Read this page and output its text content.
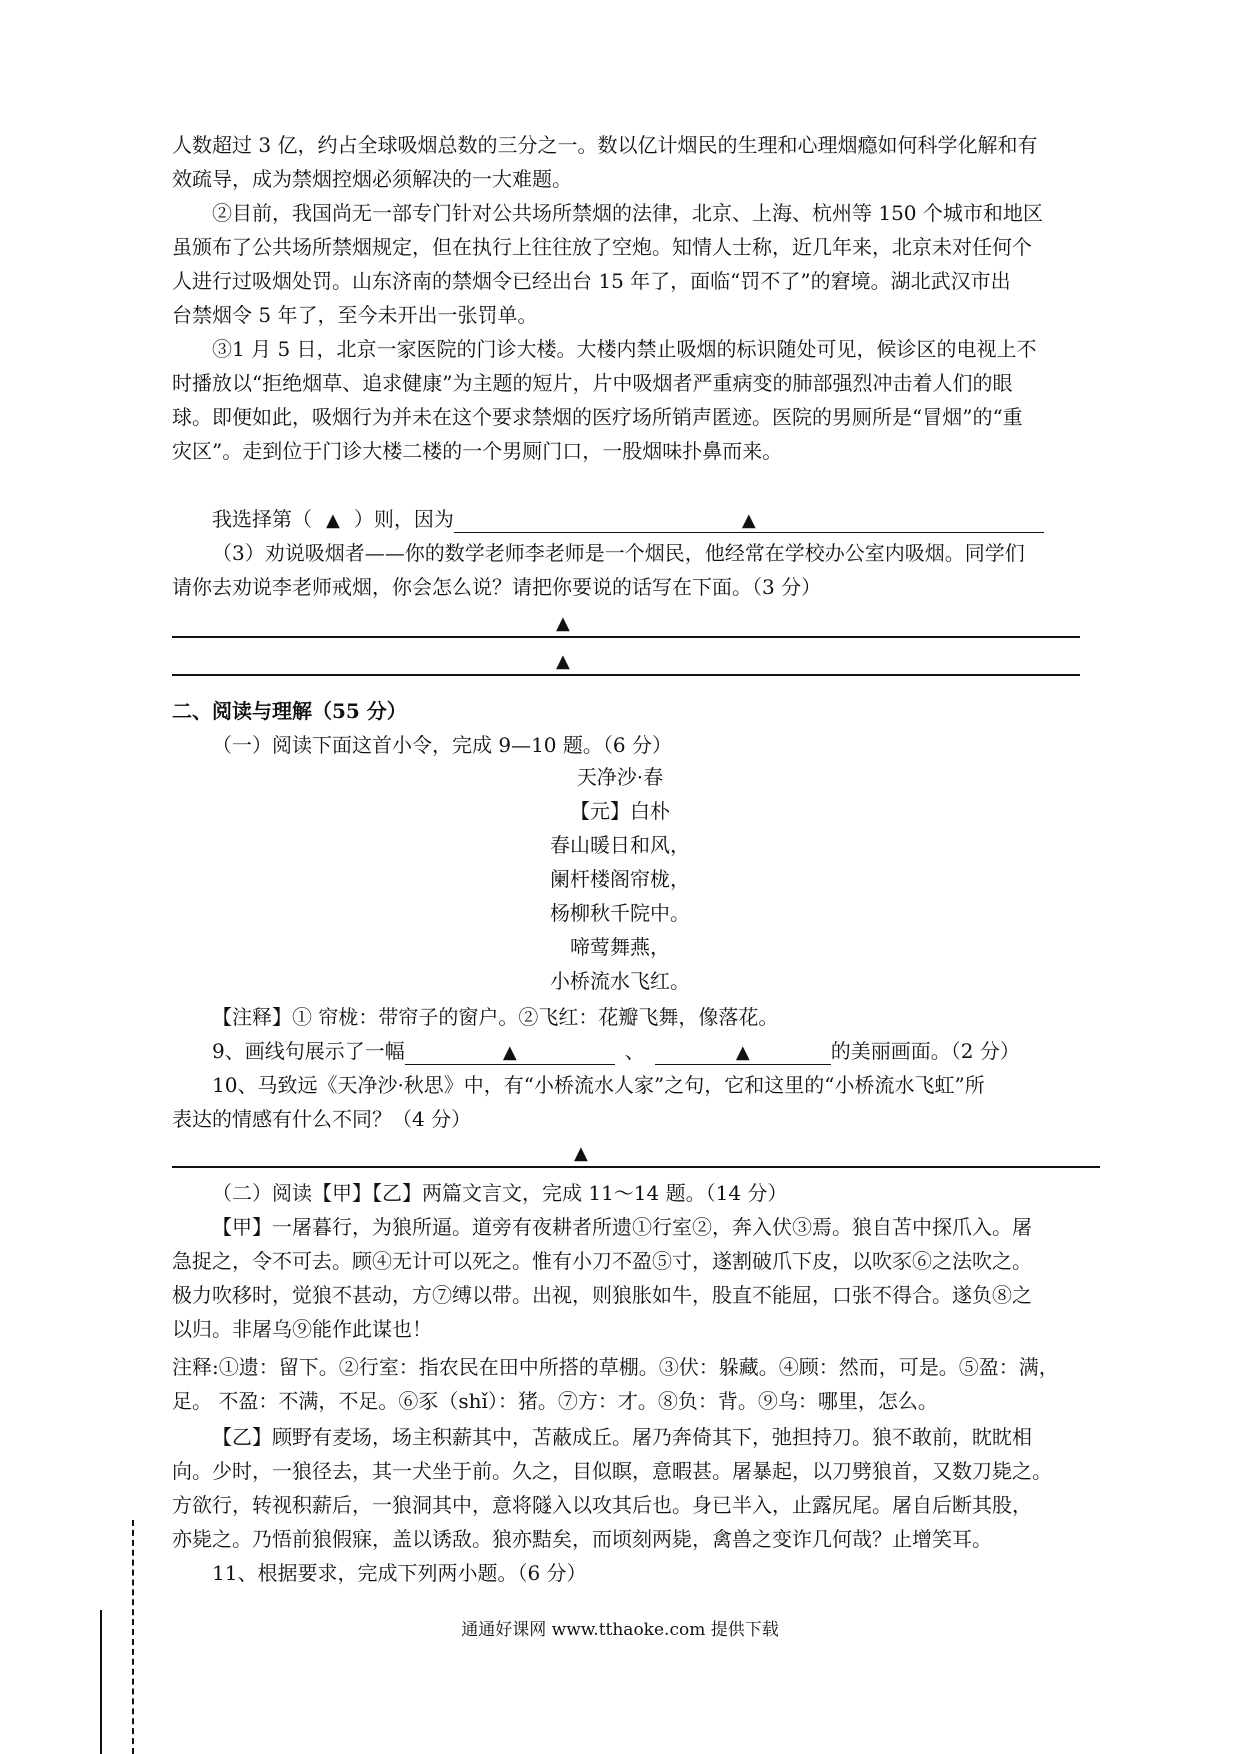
人数超过 3 亿，约占全球吸烟总数的三分之一。数以亿计烟民的生理和心理烟瘾如何科学化解和有
效疏导，成为禁烟控烟必须解决的一大难题。
②目前，我国尚无一部专门针对公共场所禁烟的法律，北京、上海、杭州等 150 个城市和地区
虽颁布了公共场所禁烟规定，但在执行上往往放了空炮。知情人士称，近几年来，北京未对任何个
人进行过吸烟处罚。山东济南的禁烟令已经出台 15 年了，面临“罚不了”的窘境。湖北武汉市出
台禁烟令 5 年了，至今未开出一张罚单。
③1 月 5 日，北京一家医院的门诊大楼。大楼内禁止吸烟的标识随处可见，候诊区的电视上不
时播放以“拒绝烟草、追求健康”为主题的短片，片中吸烟者严重病变的肺部强烈冲击着人们的眼
球。即便如此，吸烟行为并未在这个要求禁烟的医疗场所销声匿迹。医院的男厕所是“冒烟”的“重
灾区”。走到位于门诊大楼二楼的一个男厕门口，一股烟味扑鼻而来。
我选择第（ ▲ ）则，因为	▲
（3）劝说吸烟者——你的数学老师李老师是一个烟民，他经常在学校办公室内吸烟。同学们
请你去劝说李老师戒烟，你会怎么说？请把你要说的话写在下面。（3 分）
▲
▲
二、阅读与理解（55 分）
（一）阅读下面这首小令，完成 9—10 题。（6 分）
天净沙·春
【元】白朴
春山暖日和风，
阑杆楼阁帘栊，
杨柳秋千院中。
啼莺舞燕，
小桥流水飞红。
【注释】① 帘栊：带帘子的窗户。②飞红：花瓣飞舞，像落花。
9、画线句展示了一幅	▲	、	▲	的美丽画面。（2 分）
10、马致远《天净沙·秋思》中，有“小桥流水人家”之句，它和这里的“小桥流水飞虹”所
表达的情感有什么不同？（4 分）
▲
（二）阅读【甲】【乙】两篇文言文，完成 11～14 题。（14 分）
【甲】一屠暮行，为狼所逼。道旁有夜耕者所遗①行室②，奔入伏③焉。狼自苫中探爪入。屠
急捉之，令不可去。顾④无计可以死之。惟有小刀不盈⑤寸，遂割破爪下皮，以吹豕⑥之法吹之。
极力吹移时，觉狼不甚动，方⑦缚以带。出视，则狼胀如牛，股直不能屈，口张不得合。遂负⑧之
以归。非屠乌⑨能作此谋也！
注释:①遗：留下。②行室：指农民在田中所搭的草棚。③伏：躲藏。④顾：然而，可是。⑤盈：满，
足。 不盈：不满，不足。⑥豕（shǐ）：猪。⑦方：才。⑧负：背。⑨乌：哪里，怎么。
【乙】顾野有麦场，场主积薪其中，苫蔽成丘。屠乃奔倚其下，弛担持刀。狼不敢前，眈眈相
向。少时，一狼径去，其一犬坐于前。久之，目似瞑，意暇甚。屠暴起，以刀劈狼首，又数刀毙之。
方欲行，转视积薪后，一狼洞其中，意将隧入以攻其后也。身已半入，止露尻尾。屠自后断其股，
亦毙之。乃悟前狼假寐，盖以诱敌。狼亦黠矣，而顷刻两毙，禽兽之变诈几何哉？止增笑耳。
11、根据要求，完成下列两小题。（6 分）
通通好课网 www.tthaoke.com 提供下载
